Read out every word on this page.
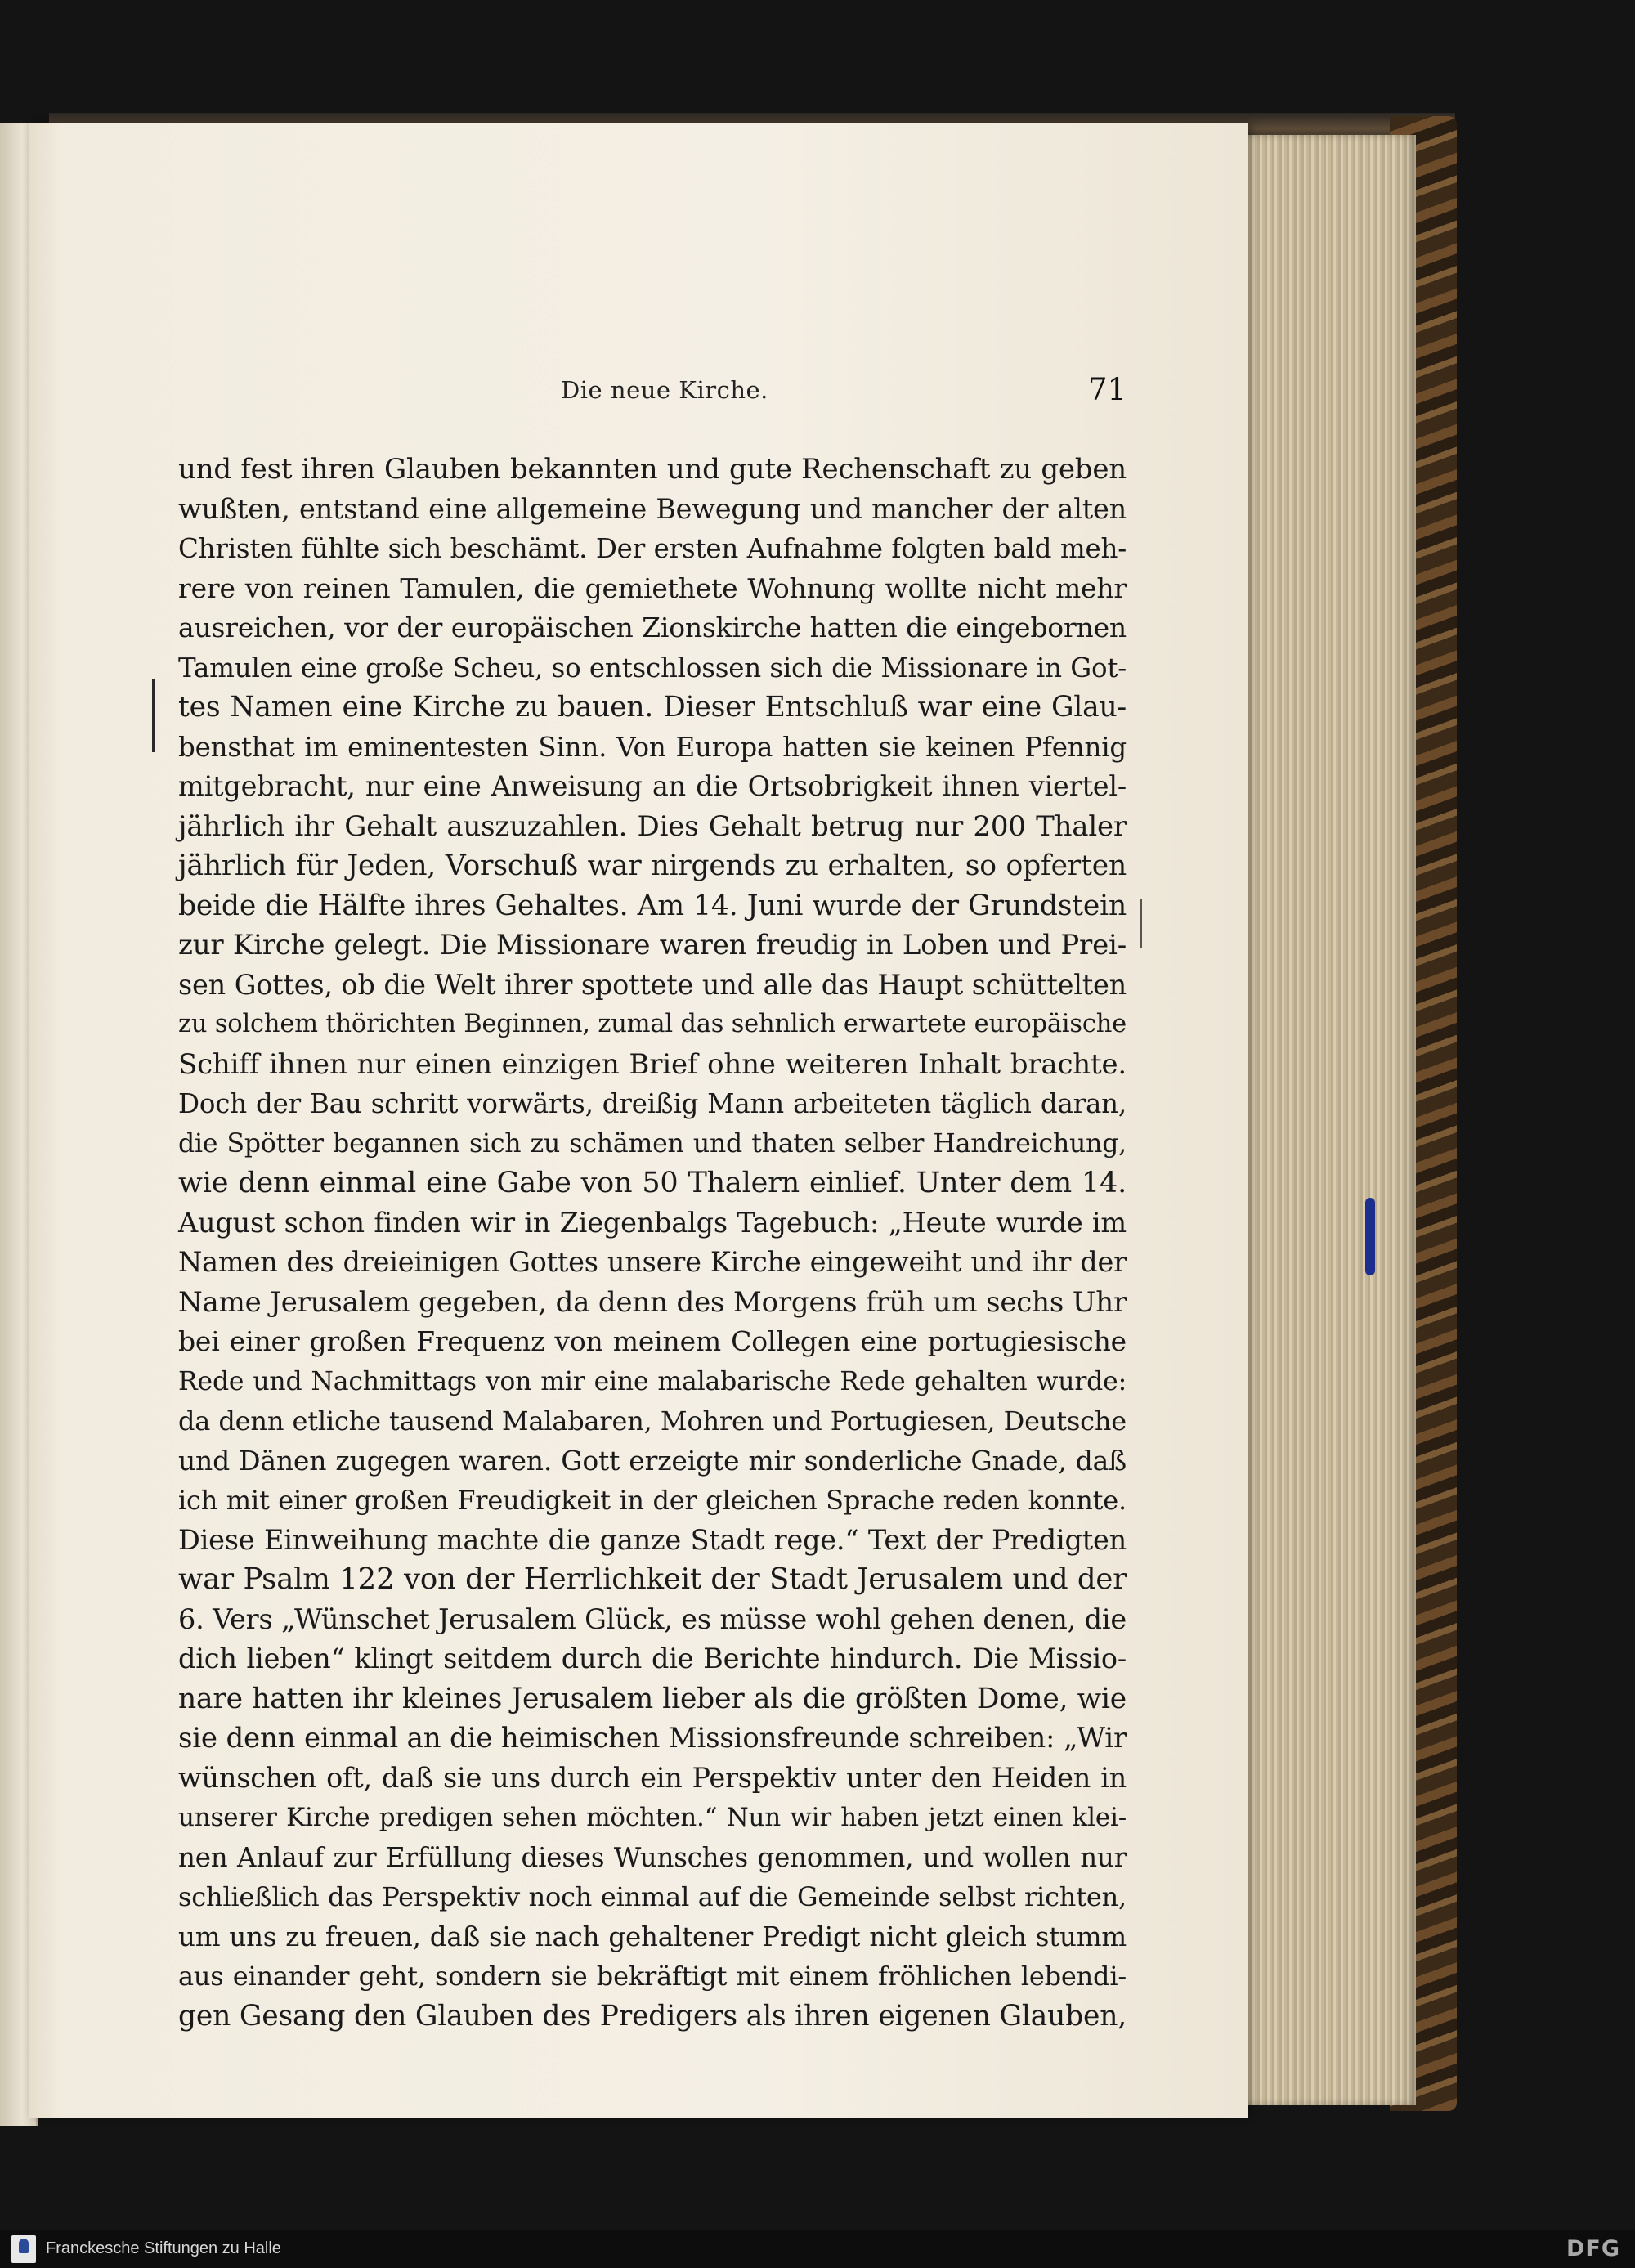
Die neue Kirche.	71
und fest ihren Glauben bekannten und gute Rechenschaft zu geben
wußten, entstand eine allgemeine Bewegung und mancher der alten
Christen fühlte sich beschämt. Der ersten Aufnahme folgten bald meh-
rere von reinen Tamulen, die gemiethete Wohnung wollte nicht mehr
ausreichen, vor der europäischen Zionskirche hatten die eingebornen
Tamulen eine große Scheu, so entschlossen sich die Missionare in Got-
tes Namen eine Kirche zu bauen. Dieser Entschluß war eine Glau-
bensthat im eminentesten Sinn. Von Europa hatten sie keinen Pfennig
mitgebracht, nur eine Anweisung an die Ortsobrigkeit ihnen viertel-
jährlich ihr Gehalt auszuzahlen. Dies Gehalt betrug nur 200 Thaler
jährlich für Jeden, Vorschuß war nirgends zu erhalten, so opferten
beide die Hälfte ihres Gehaltes. Am 14. Juni wurde der Grundstein
zur Kirche gelegt. Die Missionare waren freudig in Loben und Prei-
sen Gottes, ob die Welt ihrer spottete und alle das Haupt schüttelten
zu solchem thörichten Beginnen, zumal das sehnlich erwartete europäische
Schiff ihnen nur einen einzigen Brief ohne weiteren Inhalt brachte.
Doch der Bau schritt vorwärts, dreißig Mann arbeiteten täglich daran,
die Spötter begannen sich zu schämen und thaten selber Handreichung,
wie denn einmal eine Gabe von 50 Thalern einlief. Unter dem 14.
August schon finden wir in Ziegenbalgs Tagebuch: „Heute wurde im
Namen des dreieinigen Gottes unsere Kirche eingeweiht und ihr der
Name Jerusalem gegeben, da denn des Morgens früh um sechs Uhr
bei einer großen Frequenz von meinem Collegen eine portugiesische
Rede und Nachmittags von mir eine malabarische Rede gehalten wurde:
da denn etliche tausend Malabaren, Mohren und Portugiesen, Deutsche
und Dänen zugegen waren. Gott erzeigte mir sonderliche Gnade, daß
ich mit einer großen Freudigkeit in der gleichen Sprache reden konnte.
Diese Einweihung machte die ganze Stadt rege.“ Text der Predigten
war Psalm 122 von der Herrlichkeit der Stadt Jerusalem und der
6. Vers „Wünschet Jerusalem Glück, es müsse wohl gehen denen, die
dich lieben“ klingt seitdem durch die Berichte hindurch. Die Missio-
nare hatten ihr kleines Jerusalem lieber als die größten Dome, wie
sie denn einmal an die heimischen Missionsfreunde schreiben: „Wir
wünschen oft, daß sie uns durch ein Perspektiv unter den Heiden in
unserer Kirche predigen sehen möchten.“ Nun wir haben jetzt einen klei-
nen Anlauf zur Erfüllung dieses Wunsches genommen, und wollen nur
schließlich das Perspektiv noch einmal auf die Gemeinde selbst richten,
um uns zu freuen, daß sie nach gehaltener Predigt nicht gleich stumm
aus einander geht, sondern sie bekräftigt mit einem fröhlichen lebendi-
gen Gesang den Glauben des Predigers als ihren eigenen Glauben,
Franckesche Stiftungen zu Halle	DFG
